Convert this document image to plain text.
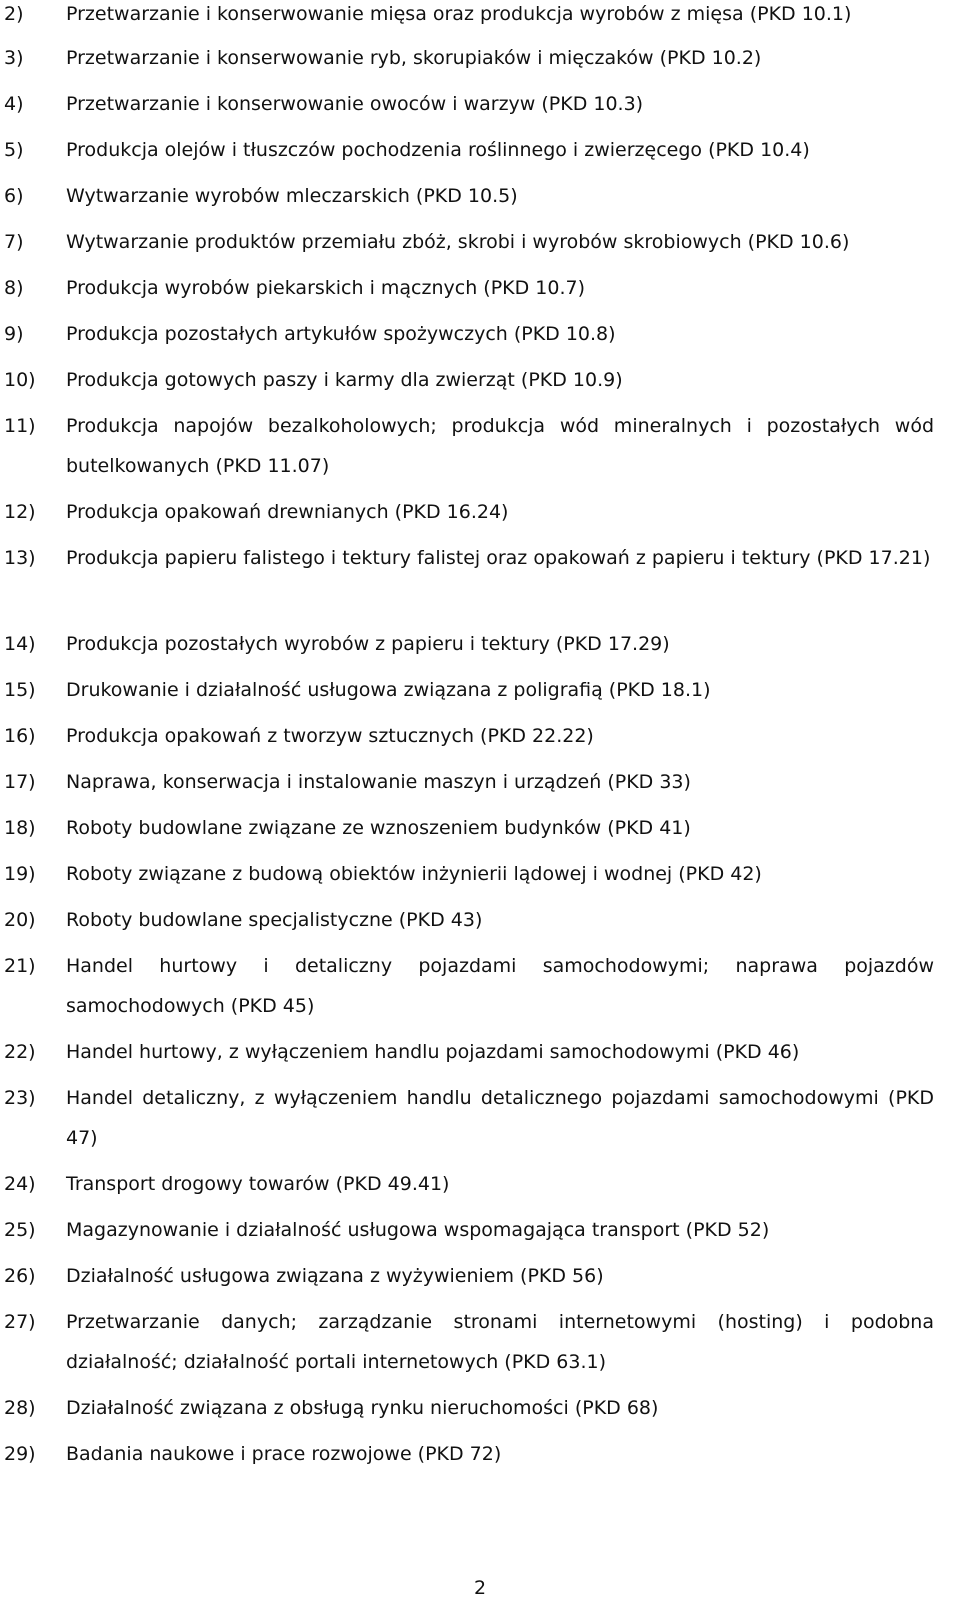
2) Przetwarzanie i konserwowanie mięsa oraz produkcja wyrobów z mięsa (PKD 10.1)
3) Przetwarzanie i konserwowanie ryb, skorupiaków i mięczaków (PKD 10.2)
4) Przetwarzanie i konserwowanie owoców i warzyw (PKD 10.3)
5) Produkcja olejów i tłuszczów pochodzenia roślinnego i zwierzęcego (PKD 10.4)
6) Wytwarzanie wyrobów mleczarskich (PKD 10.5)
7) Wytwarzanie produktów przemiału zbóż, skrobi i wyrobów skrobiowych (PKD 10.6)
8) Produkcja wyrobów piekarskich i mącznych (PKD 10.7)
9) Produkcja pozostałych artykułów spożywczych (PKD 10.8)
10) Produkcja gotowych paszy i karmy dla zwierząt (PKD 10.9)
11) Produkcja napojów bezalkoholowych; produkcja wód mineralnych i pozostałych wód butelkowanych (PKD 11.07)
12) Produkcja opakowań drewnianych (PKD 16.24)
13) Produkcja papieru falistego i tektury falistej oraz opakowań z papieru i tektury (PKD 17.21)
14) Produkcja pozostałych wyrobów z papieru i tektury (PKD 17.29)
15) Drukowanie i działalność usługowa związana z poligrafią (PKD 18.1)
16) Produkcja opakowań z tworzyw sztucznych (PKD 22.22)
17) Naprawa, konserwacja i instalowanie maszyn i urządzeń (PKD 33)
18) Roboty budowlane związane ze wznoszeniem budynków (PKD 41)
19) Roboty związane z budową obiektów inżynierii lądowej i wodnej (PKD 42)
20) Roboty budowlane specjalistyczne (PKD 43)
21) Handel hurtowy i detaliczny pojazdami samochodowymi; naprawa pojazdów samochodowych (PKD 45)
22) Handel hurtowy, z wyłączeniem handlu pojazdami samochodowymi (PKD 46)
23) Handel detaliczny, z wyłączeniem handlu detalicznego pojazdami samochodowymi (PKD 47)
24) Transport drogowy towarów (PKD 49.41)
25) Magazynowanie i działalność usługowa wspomagająca transport (PKD 52)
26) Działalność usługowa związana z wyżywieniem (PKD 56)
27) Przetwarzanie danych; zarządzanie stronami internetowymi (hosting) i podobna działalność; działalność portali internetowych (PKD 63.1)
28) Działalność związana z obsługą rynku nieruchomości (PKD 68)
29) Badania naukowe i prace rozwojowe (PKD 72)
2
